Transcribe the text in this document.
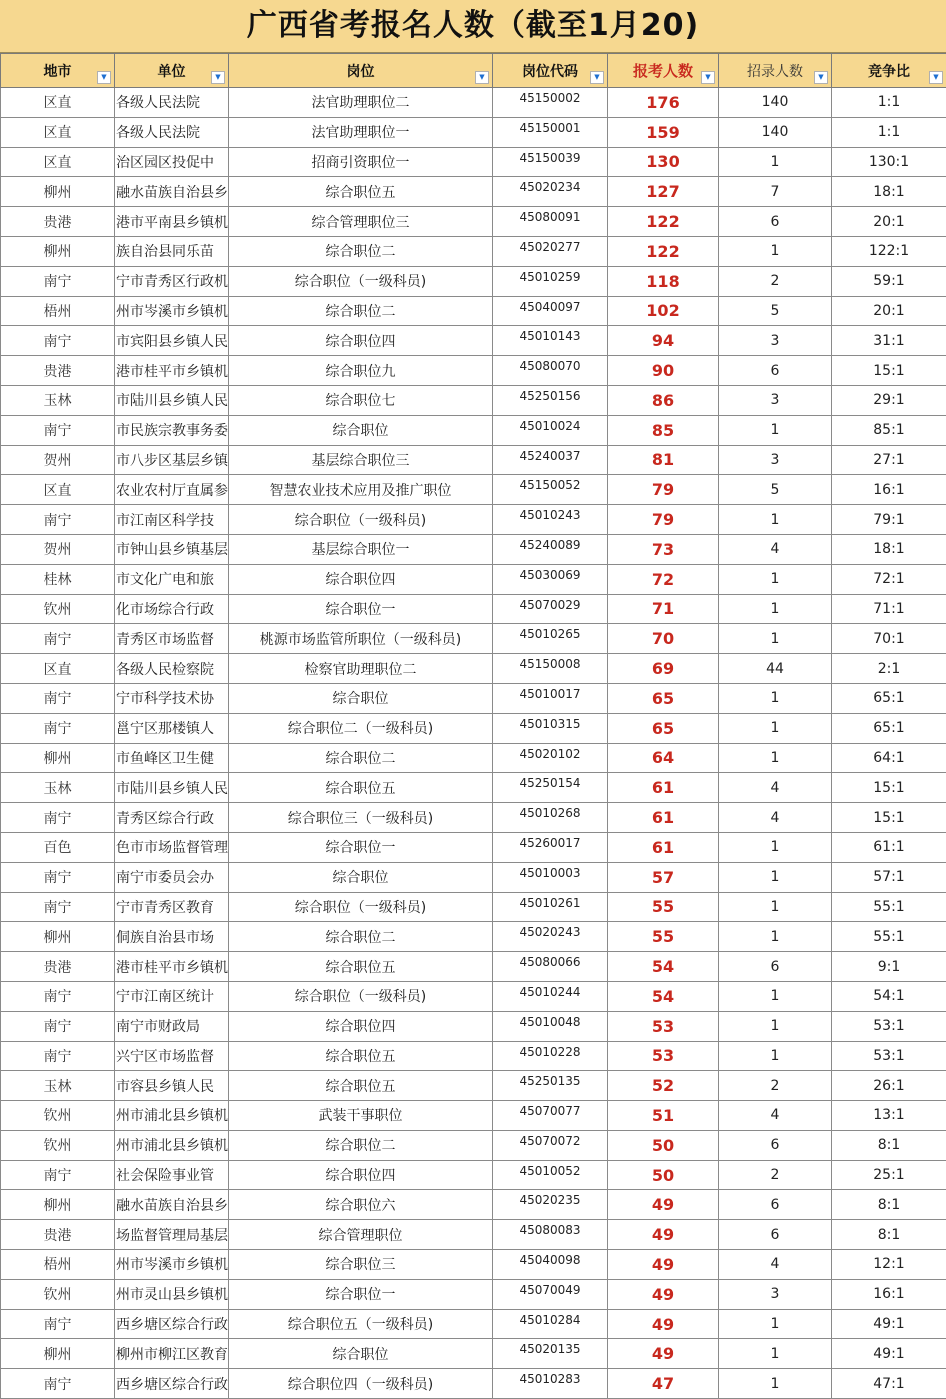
广西省考报名人数（截至1月20)
地市 ▼	单位 ▼	岗位 ▼	岗位代码 ▼	报考人数 ▼	招录人数 ▼	竞争比 ▼

区直	各级人民法院	法官助理职位二	45150002	176	140	1:1
区直	各级人民法院	法官助理职位一	45150001	159	140	1:1
区直	治区园区投促中	招商引资职位一	45150039	130	1	130:1
柳州	融水苗族自治县乡	综合职位五	45020234	127	7	18:1
贵港	港市平南县乡镇机	综合管理职位三	45080091	122	6	20:1
柳州	族自治县同乐苗	综合职位二	45020277	122	1	122:1
南宁	宁市青秀区行政机	综合职位（一级科员)	45010259	118	2	59:1
梧州	州市岑溪市乡镇机	综合职位二	45040097	102	5	20:1
南宁	市宾阳县乡镇人民	综合职位四	45010143	94	3	31:1
贵港	港市桂平市乡镇机	综合职位九	45080070	90	6	15:1
玉林	市陆川县乡镇人民	综合职位七	45250156	86	3	29:1
南宁	市民族宗教事务委	综合职位	45010024	85	1	85:1
贺州	市八步区基层乡镇	基层综合职位三	45240037	81	3	27:1
区直	农业农村厅直属参	智慧农业技术应用及推广职位	45150052	79	5	16:1
南宁	市江南区科学技	综合职位（一级科员)	45010243	79	1	79:1
贺州	市钟山县乡镇基层	基层综合职位一	45240089	73	4	18:1
桂林	市文化广电和旅	综合职位四	45030069	72	1	72:1
钦州	化市场综合行政	综合职位一	45070029	71	1	71:1
南宁	青秀区市场监督	桃源市场监管所职位（一级科员)	45010265	70	1	70:1
区直	各级人民检察院	检察官助理职位二	45150008	69	44	2:1
南宁	宁市科学技术协	综合职位	45010017	65	1	65:1
南宁	邕宁区那楼镇人	综合职位二（一级科员)	45010315	65	1	65:1
柳州	市鱼峰区卫生健	综合职位二	45020102	64	1	64:1
玉林	市陆川县乡镇人民	综合职位五	45250154	61	4	15:1
南宁	青秀区综合行政	综合职位三（一级科员)	45010268	61	4	15:1
百色	色市市场监督管理	综合职位一	45260017	61	1	61:1
南宁	南宁市委员会办	综合职位	45010003	57	1	57:1
南宁	宁市青秀区教育	综合职位（一级科员)	45010261	55	1	55:1
柳州	侗族自治县市场	综合职位二	45020243	55	1	55:1
贵港	港市桂平市乡镇机	综合职位五	45080066	54	6	9:1
南宁	宁市江南区统计	综合职位（一级科员)	45010244	54	1	54:1
南宁	南宁市财政局	综合职位四	45010048	53	1	53:1
南宁	兴宁区市场监督	综合职位五	45010228	53	1	53:1
玉林	市容县乡镇人民	综合职位五	45250135	52	2	26:1
钦州	州市浦北县乡镇机	武装干事职位	45070077	51	4	13:1
钦州	州市浦北县乡镇机	综合职位二	45070072	50	6	8:1
南宁	社会保险事业管	综合职位四	45010052	50	2	25:1
柳州	融水苗族自治县乡	综合职位六	45020235	49	6	8:1
贵港	场监督管理局基层	综合管理职位	45080083	49	6	8:1
梧州	州市岑溪市乡镇机	综合职位三	45040098	49	4	12:1
钦州	州市灵山县乡镇机	综合职位一	45070049	49	3	16:1
南宁	西乡塘区综合行政	综合职位五（一级科员)	45010284	49	1	49:1
柳州	柳州市柳江区教育	综合职位	45020135	49	1	49:1
南宁	西乡塘区综合行政	综合职位四（一级科员)	45010283	47	1	47:1
